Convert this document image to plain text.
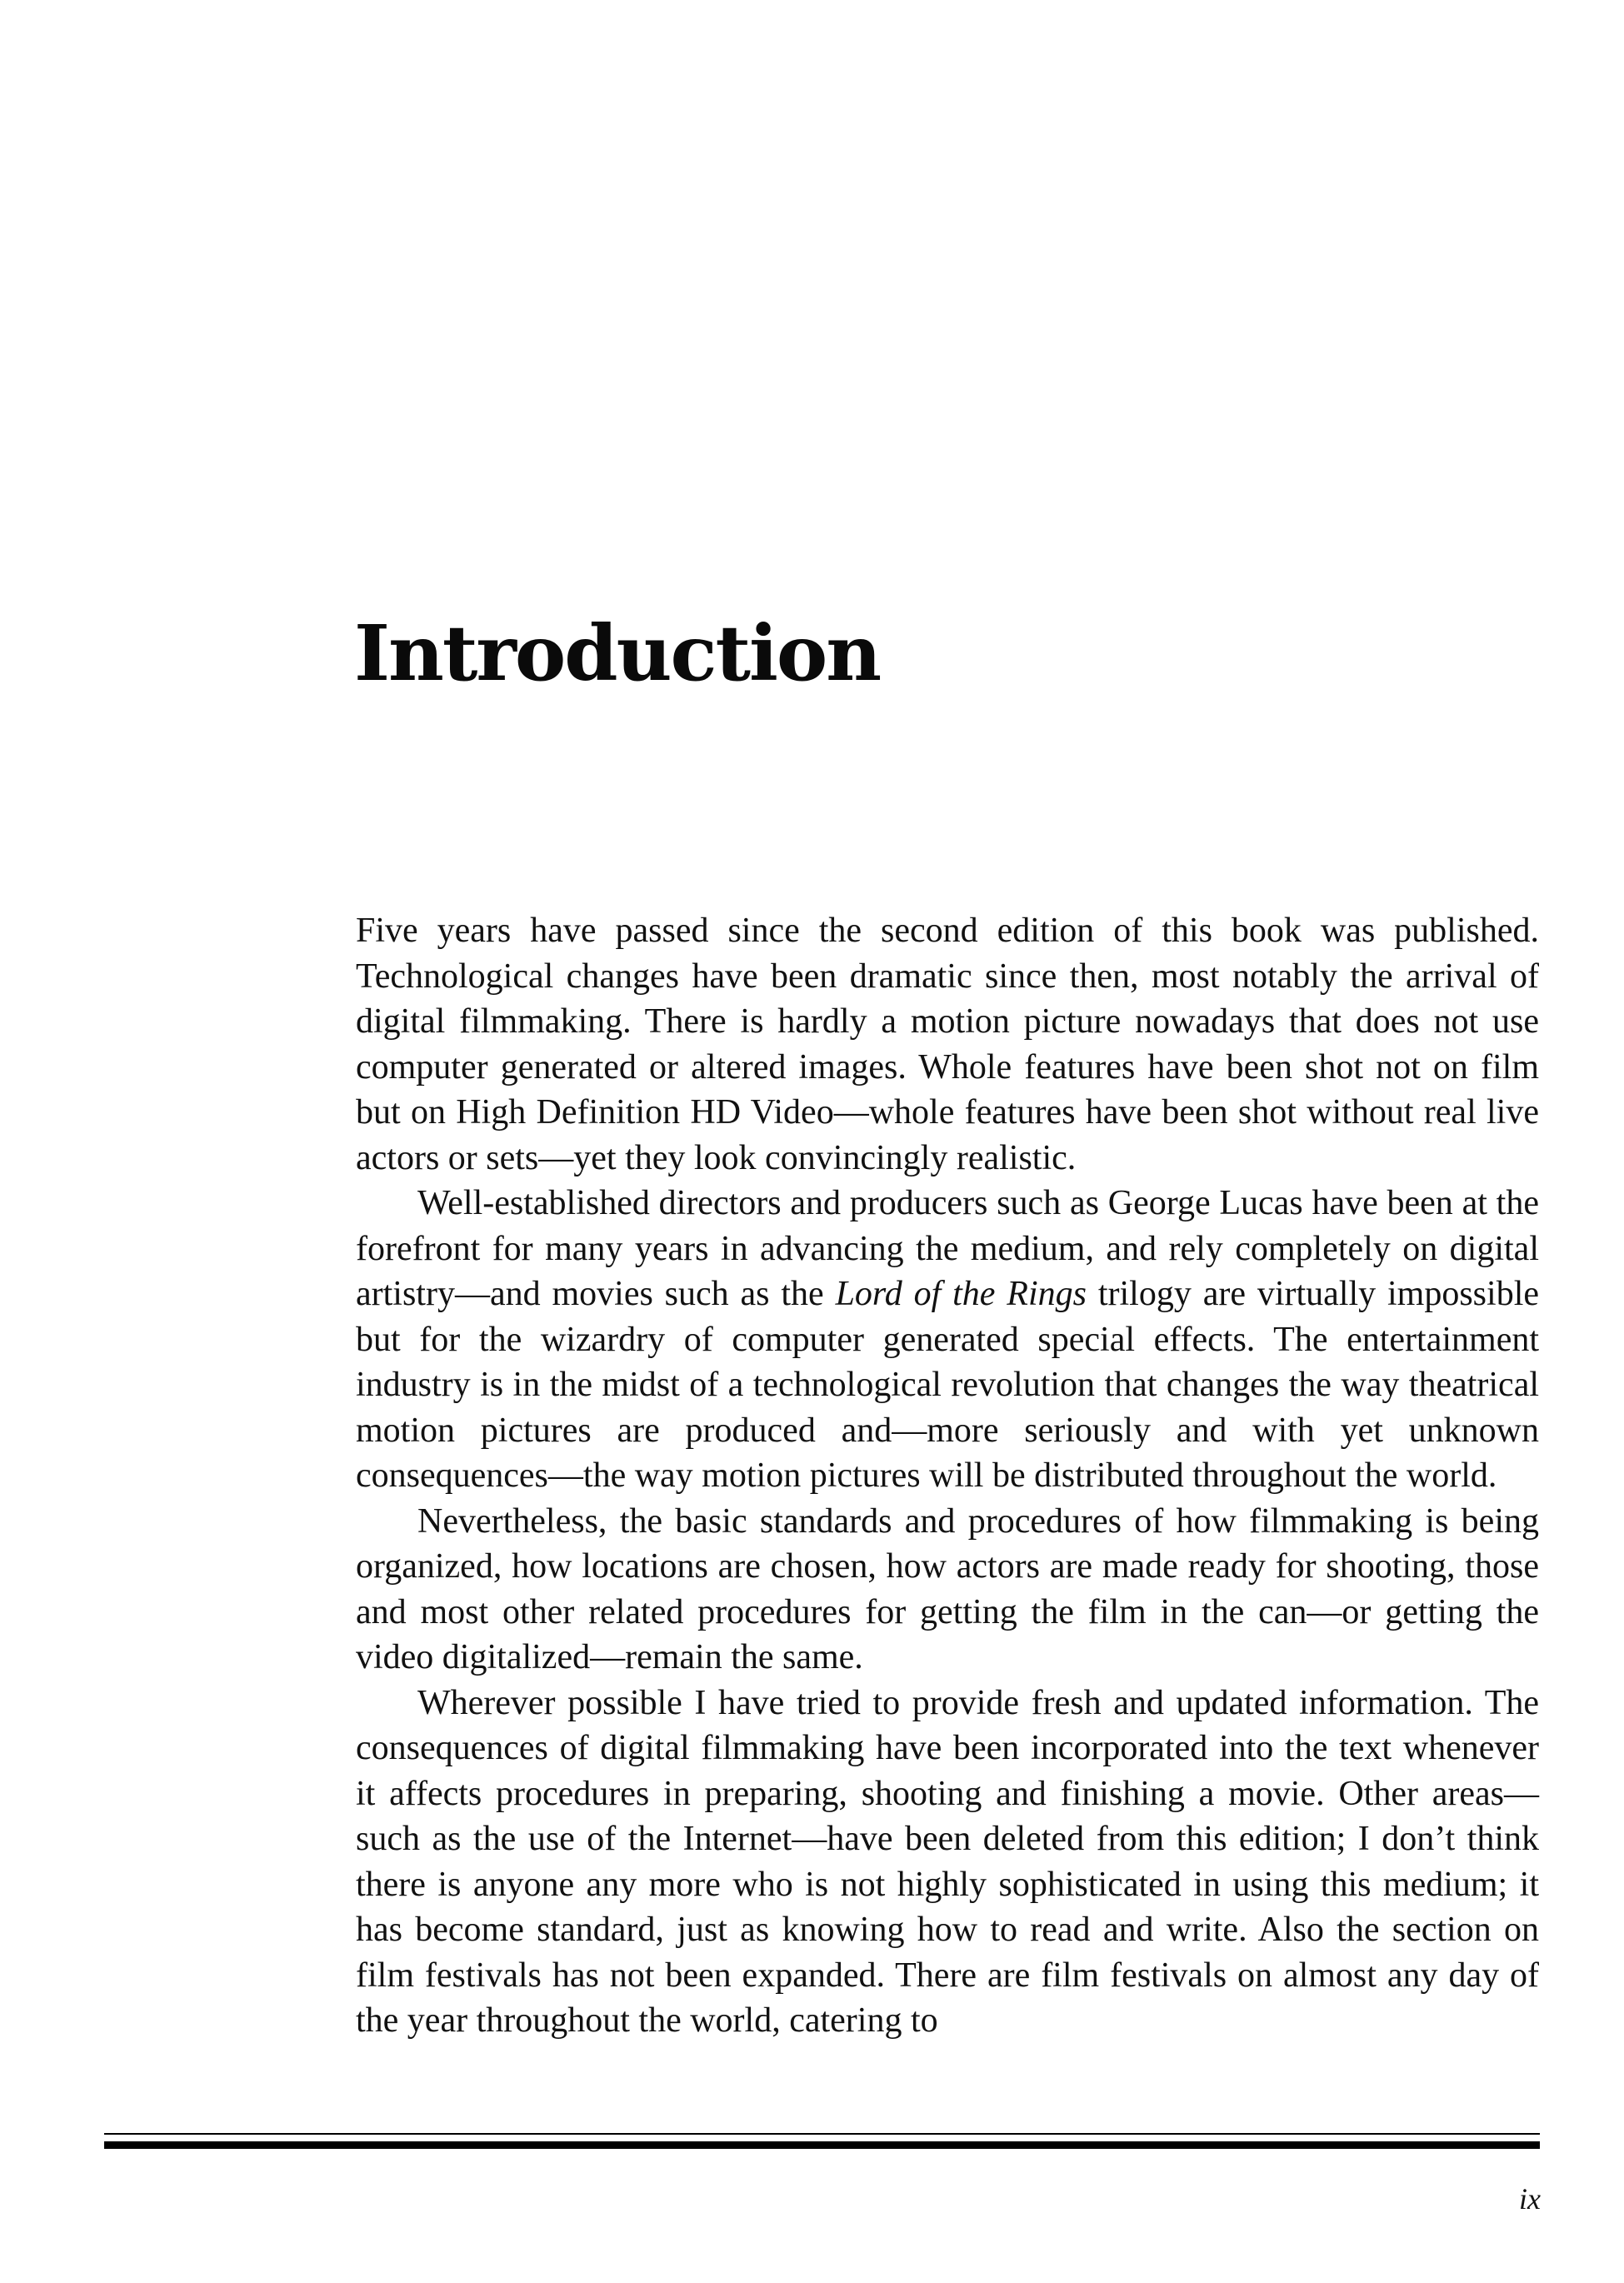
Introduction

Five years have passed since the second edition of this book was published. Technological changes have been dramatic since then, most notably the arrival of digital filmmaking. There is hardly a motion picture nowadays that does not use computer generated or altered images. Whole features have been shot not on film but on High Definition HD Video—whole features have been shot without real live actors or sets—yet they look convincingly realistic.

Well-established directors and producers such as George Lucas have been at the forefront for many years in advancing the medium, and rely completely on digital artistry—and movies such as the Lord of the Rings trilogy are virtually impossible but for the wizardry of computer generated special effects. The entertainment industry is in the midst of a technological revolution that changes the way theatrical motion pictures are produced and—more seriously and with yet unknown consequences—the way motion pictures will be distributed throughout the world.

Nevertheless, the basic standards and procedures of how filmmaking is being organized, how locations are chosen, how actors are made ready for shooting, those and most other related procedures for getting the film in the can—or getting the video digitalized—remain the same.

Wherever possible I have tried to provide fresh and updated information. The consequences of digital filmmaking have been incorporated into the text whenever it affects procedures in preparing, shooting and finishing a movie. Other areas—such as the use of the Internet—have been deleted from this edition; I don’t think there is anyone any more who is not highly sophisticated in using this medium; it has become standard, just as knowing how to read and write. Also the section on film festivals has not been expanded. There are film festivals on almost any day of the year throughout the world, catering to

ix
